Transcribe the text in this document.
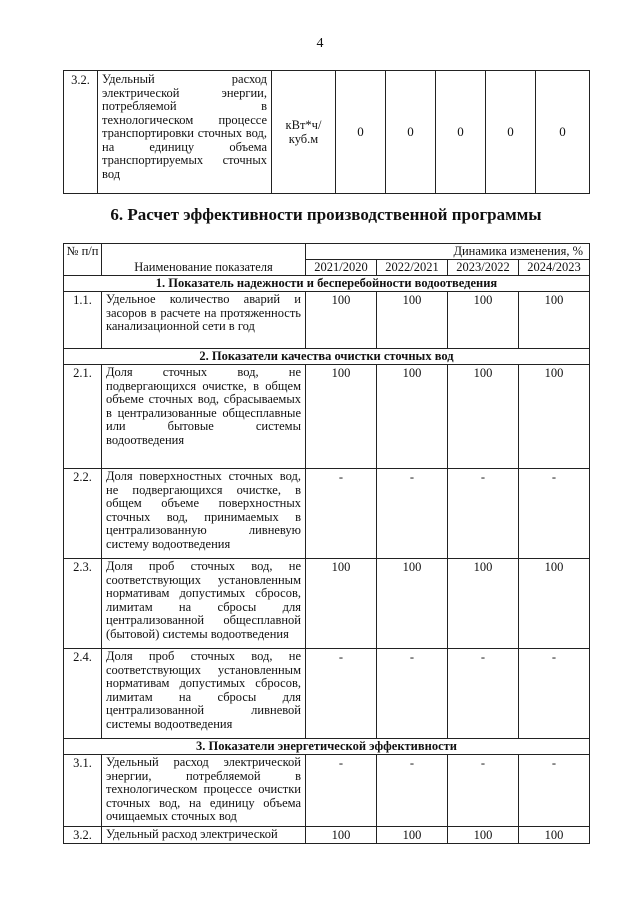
4
3.2.	Удельный расход электрической энергии, потребляемой в технологическом процессе транспортировки сточных вод, на единицу объема транспортируемых сточных вод	кВт*ч/ куб.м	0	0	0	0	0
6. Расчет эффективности производственной программы
№ п/п	Наименование показателя	Динамика изменения, %			
		2021/2020	2022/2021	2023/2022	2024/2023
1. Показатель надежности и бесперебойности водоотведения					
1.1.	Удельное количество аварий и засоров в расчете на протяженность канализационной сети в год	100	100	100	100
2. Показатели качества очистки сточных вод					
2.1.	Доля сточных вод, не подвергающихся очистке, в общем объеме сточных вод, сбрасываемых в централизованные общесплавные или бытовые системы водоотведения	100	100	100	100
2.2.	Доля поверхностных сточных вод, не подвергающихся очистке, в общем объеме поверхностных сточных вод, принимаемых в централизованную ливневую систему водоотведения	-	-	-	-
2.3.	Доля проб сточных вод, не соответствующих установленным нормативам допустимых сбросов, лимитам на сбросы для централизованной общесплавной (бытовой) системы водоотведения	100	100	100	100
2.4.	Доля проб сточных вод, не соответствующих установленным нормативам допустимых сбросов, лимитам на сбросы для централизованной ливневой системы водоотведения	-	-	-	-
3. Показатели энергетической эффективности					
3.1.	Удельный расход электрической энергии, потребляемой в технологическом процессе очистки сточных вод, на единицу объема очищаемых сточных вод	-	-	-	-
3.2.	Удельный расход электрической	100	100	100	100
